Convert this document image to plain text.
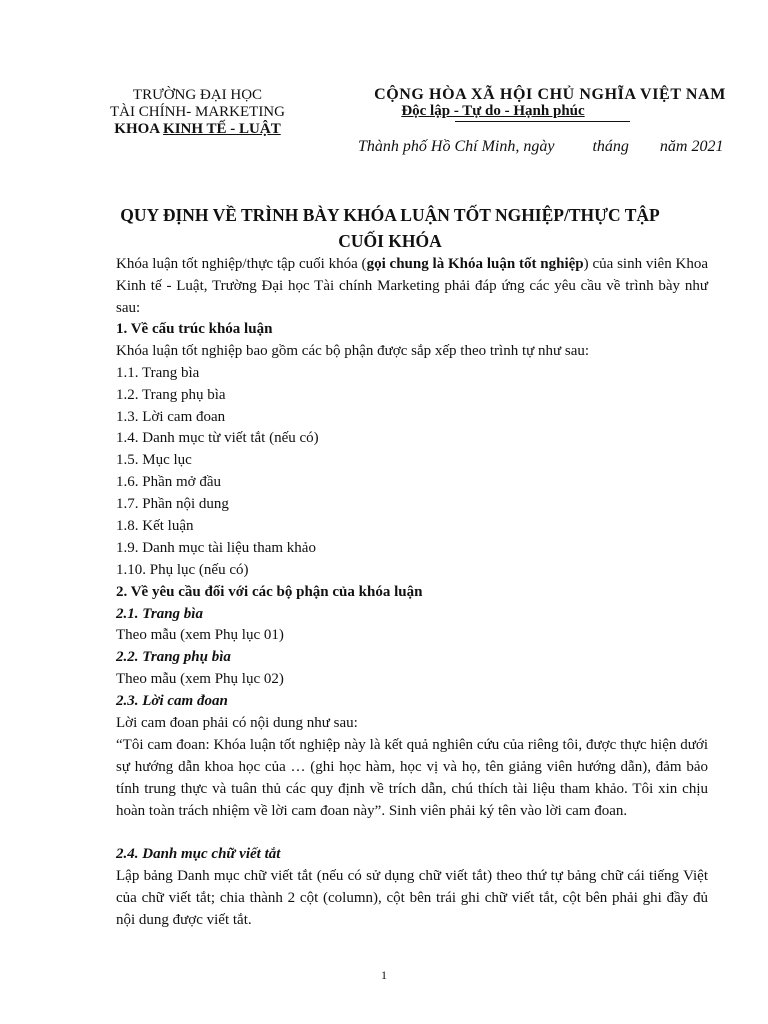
TRƯỜNG ĐẠI HỌC
TÀI CHÍNH- MARKETING
KHOA KINH TẾ - LUẬT
CỘNG HÒA XÃ HỘI CHỦ NGHĨA VIỆT NAM
Độc lập - Tự do - Hạnh phúc
Thành phố Hồ Chí Minh, ngày tháng năm 2021
QUY ĐỊNH VỀ TRÌNH BÀY KHÓA LUẬN TỐT NGHIỆP/THỰC TẬP
CUỐI KHÓA
Khóa luận tốt nghiệp/thực tập cuối khóa (gọi chung là Khóa luận tốt nghiệp) của sinh viên Khoa Kinh tế - Luật, Trường Đại học Tài chính Marketing phải đáp ứng các yêu cầu về trình bày như sau:
1. Về cấu trúc khóa luận
Khóa luận tốt nghiệp bao gồm các bộ phận được sắp xếp theo trình tự như sau:
1.1. Trang bìa
1.2. Trang phụ bìa
1.3. Lời cam đoan
1.4. Danh mục từ viết tắt (nếu có)
1.5. Mục lục
1.6. Phần mở đầu
1.7. Phần nội dung
1.8. Kết luận
1.9. Danh mục tài liệu tham khảo
1.10. Phụ lục (nếu có)
2. Về yêu cầu đối với các bộ phận của khóa luận
2.1. Trang bìa
Theo mẫu (xem Phụ lục 01)
2.2. Trang phụ bìa
Theo mẫu (xem Phụ lục 02)
2.3. Lời cam đoan
Lời cam đoan phải có nội dung như sau:
“Tôi cam đoan: Khóa luận tốt nghiệp này là kết quả nghiên cứu của riêng tôi, được thực hiện dưới sự hướng dẫn khoa học của … (ghi học hàm, học vị và họ, tên giảng viên hướng dẫn), đảm bảo tính trung thực và tuân thủ các quy định về trích dẫn, chú thích tài liệu tham khảo. Tôi xin chịu hoàn toàn trách nhiệm về lời cam đoan này”. Sinh viên phải ký tên vào lời cam đoan.
2.4. Danh mục chữ viết tắt
Lập bảng Danh mục chữ viết tắt (nếu có sử dụng chữ viết tắt) theo thứ tự bảng chữ cái tiếng Việt của chữ viết tắt; chia thành 2 cột (column), cột bên trái ghi chữ viết tắt, cột bên phải ghi đầy đủ nội dung được viết tắt.
1
